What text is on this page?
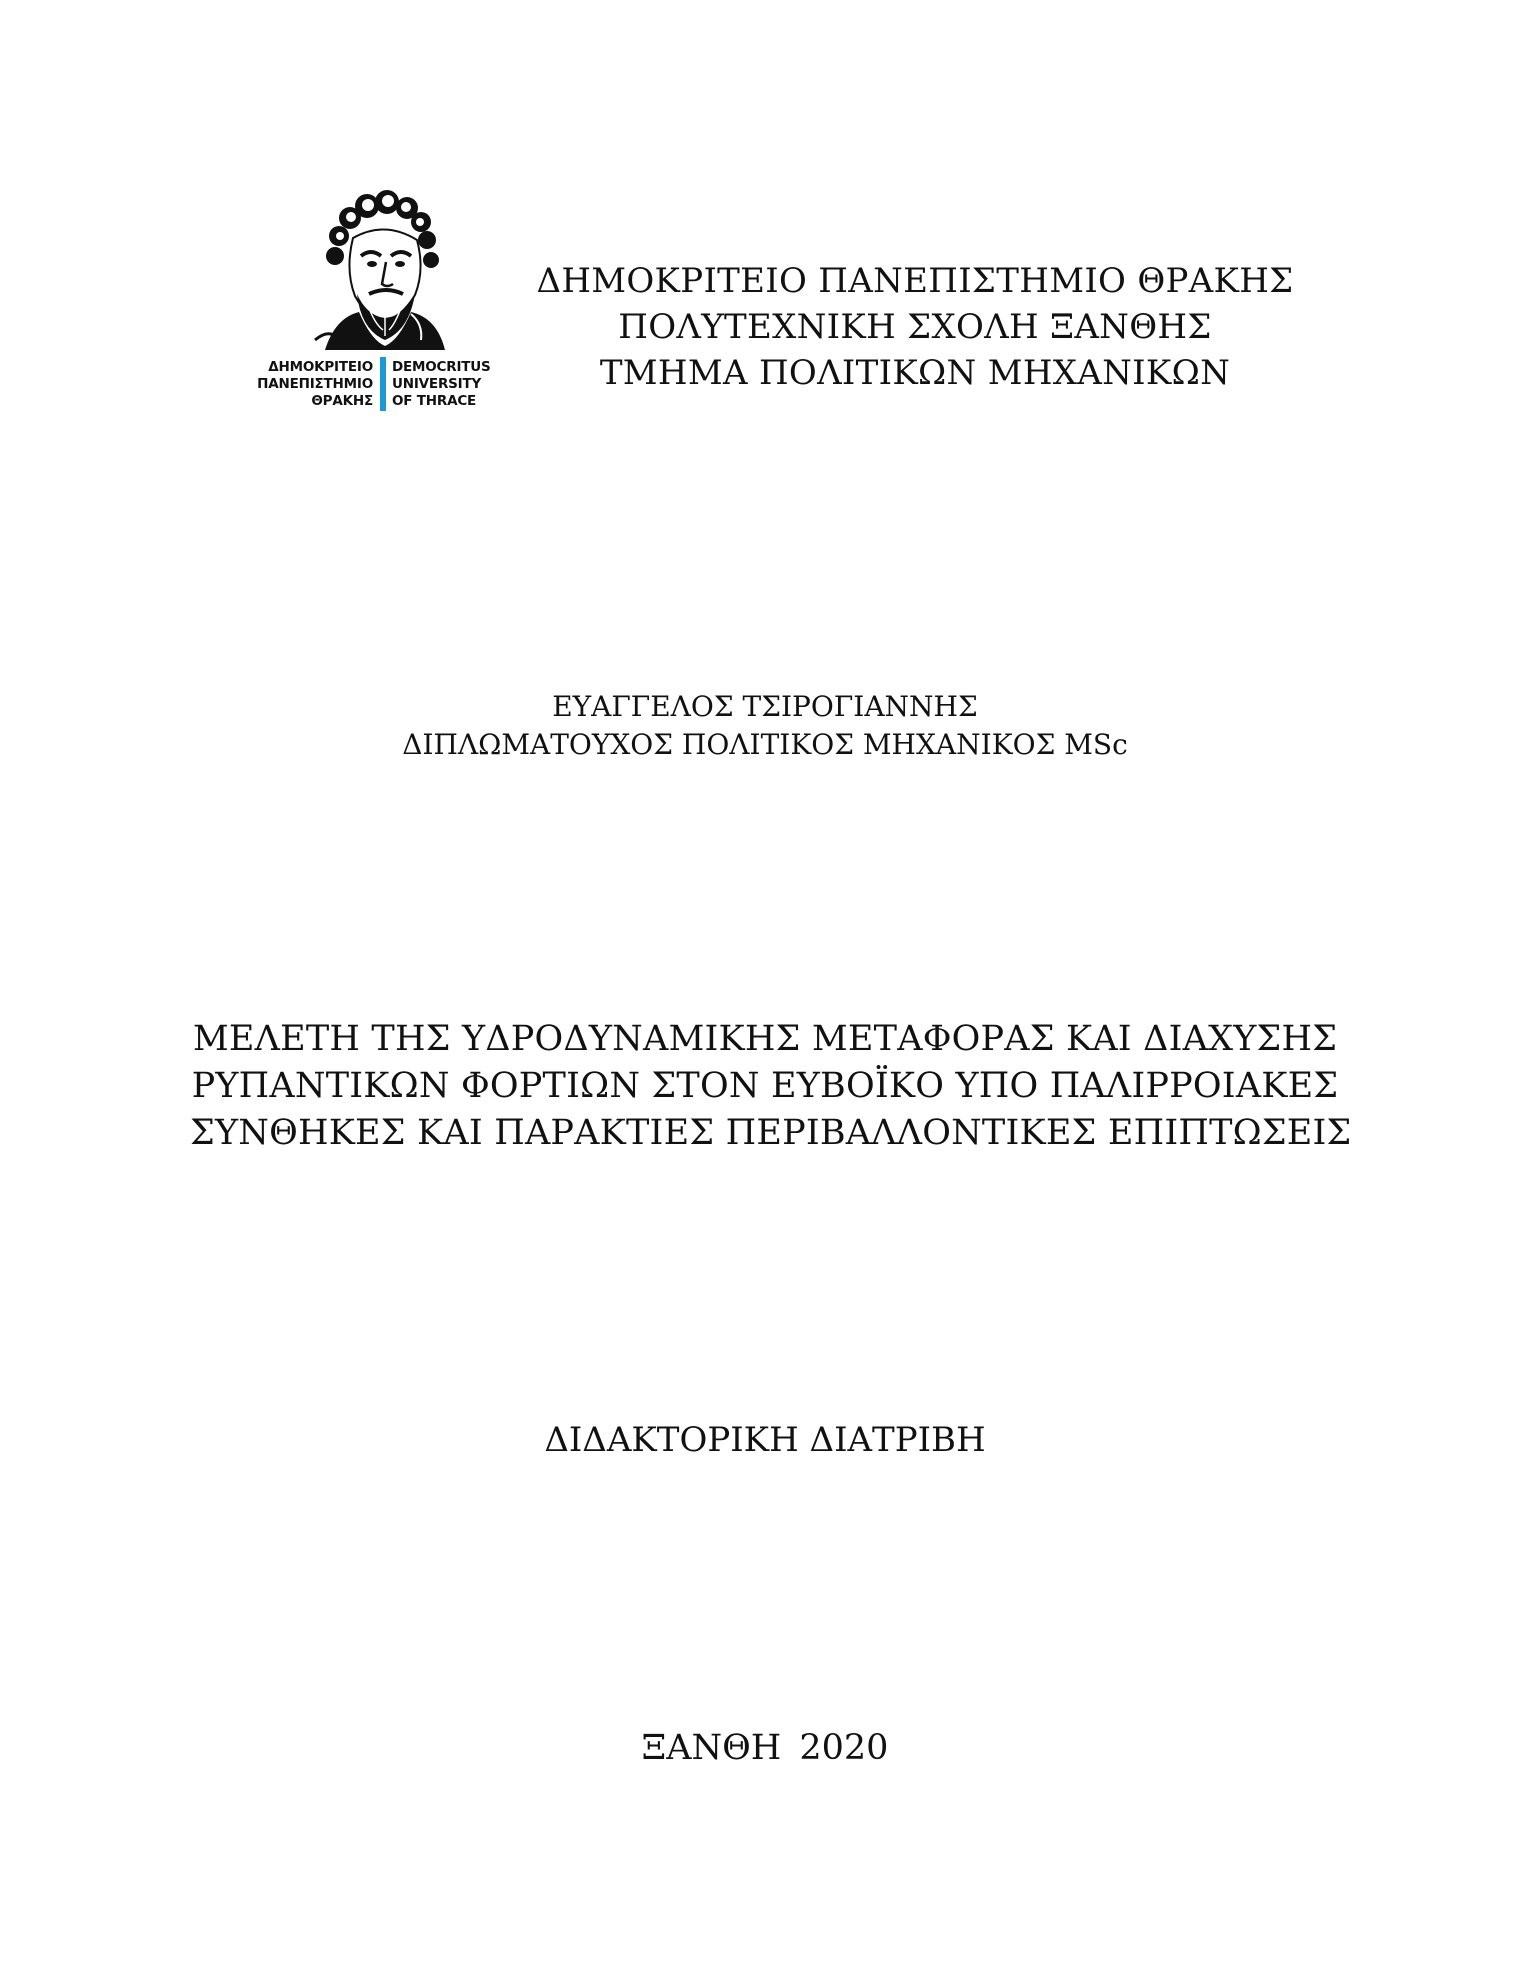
ΔΗΜΟΚΡΙΤΕΙΟ
ΠΑΝΕΠΙΣΤΗΜΙΟ
ΘΡΑΚΗΣ
DEMOCRITUS
UNIVERSITY
OF THRACE
ΔΗΜΟΚΡΙΤΕΙΟ ΠΑΝΕΠΙΣΤΗΜΙΟ ΘΡΑΚΗΣ
ΠΟΛΥΤΕΧΝΙΚΗ ΣΧΟΛΗ ΞΑΝΘΗΣ
ΤΜΗΜΑ ΠΟΛΙΤΙΚΩΝ ΜΗΧΑΝΙΚΩΝ
ΕΥΑΓΓΕΛΟΣ ΤΣΙΡΟΓΙΑΝΝΗΣ
ΔΙΠΛΩΜΑΤΟΥΧΟΣ ΠΟΛΙΤΙΚΟΣ ΜΗΧΑΝΙΚΟΣ MSc
ΜΕΛΕΤΗ ΤΗΣ ΥΔΡΟΔΥΝΑΜΙΚΗΣ ΜΕΤΑΦΟΡΑΣ ΚΑΙ ΔΙΑΧΥΣΗΣ
ΡΥΠΑΝΤΙΚΩΝ ΦΟΡΤΙΩΝ ΣΤΟΝ ΕΥΒΟΪΚΟ ΥΠΟ ΠΑΛΙΡΡΟΙΑΚΕΣ
ΣΥΝΘΗΚΕΣ ΚΑΙ ΠΑΡΑΚΤΙΕΣ ΠΕΡΙΒΑΛΛΟΝΤΙΚΕΣ ΕΠΙΠΤΩΣΕΙΣ
ΔΙΔΑΚΤΟΡΙΚΗ ΔΙΑΤΡΙΒΗ
ΞΑΝΘΗ 2020
